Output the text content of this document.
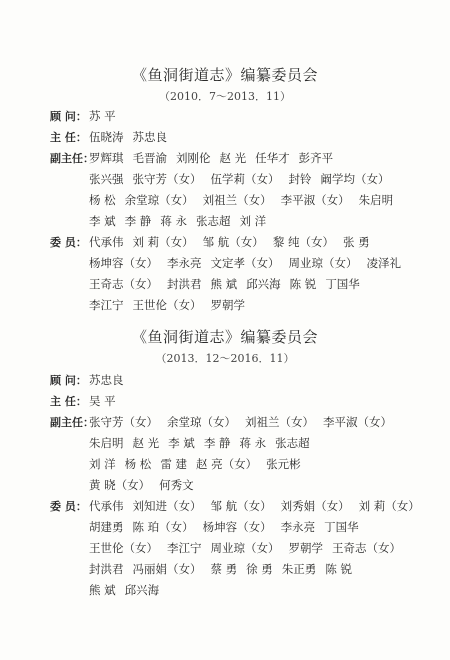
《鱼洞街道志》编纂委员会
（2010．7～2013．11）
顾 问： 苏 平
主 任： 伍晓涛 苏忠良
副主任：罗辉琪 毛晋渝 刘刚伦 赵 光 任华才 彭齐平
张兴强 张守芳（女） 伍学莉（女） 封铃 阚学均（女）
杨 松 余堂琼（女） 刘祖兰（女） 李平淑（女） 朱启明
李 斌 李 静 蒋 永 张志超 刘 洋
委 员： 代承伟 刘 莉（女） 邹 航（女） 黎 纯（女） 张 勇
杨坤容（女） 李永亮 文定孝（女） 周业琼（女） 凌泽礼
王奇志（女） 封洪君 熊 斌 邱兴海 陈 锐 丁国华
李江宁 王世伦（女） 罗朝学
《鱼洞街道志》编纂委员会
（2013．12～2016．11）
顾 问： 苏忠良
主 任： 吴 平
副主任：张守芳（女） 余堂琼（女） 刘祖兰（女） 李平淑（女）
朱启明 赵 光 李 斌 李 静 蒋 永 张志超
刘 洋 杨 松 雷 建 赵 亮（女） 张元彬
黄 晓（女） 何秀文
委 员： 代承伟 刘知进（女） 邹 航（女） 刘秀娟（女） 刘 莉（女）
胡建勇 陈 珀（女） 杨坤容（女） 李永亮 丁国华
王世伦（女） 李江宁 周业琼（女） 罗朝学 王奇志（女）
封洪君 冯丽娟（女） 蔡 勇 徐 勇 朱正勇 陈 锐
熊 斌 邱兴海
